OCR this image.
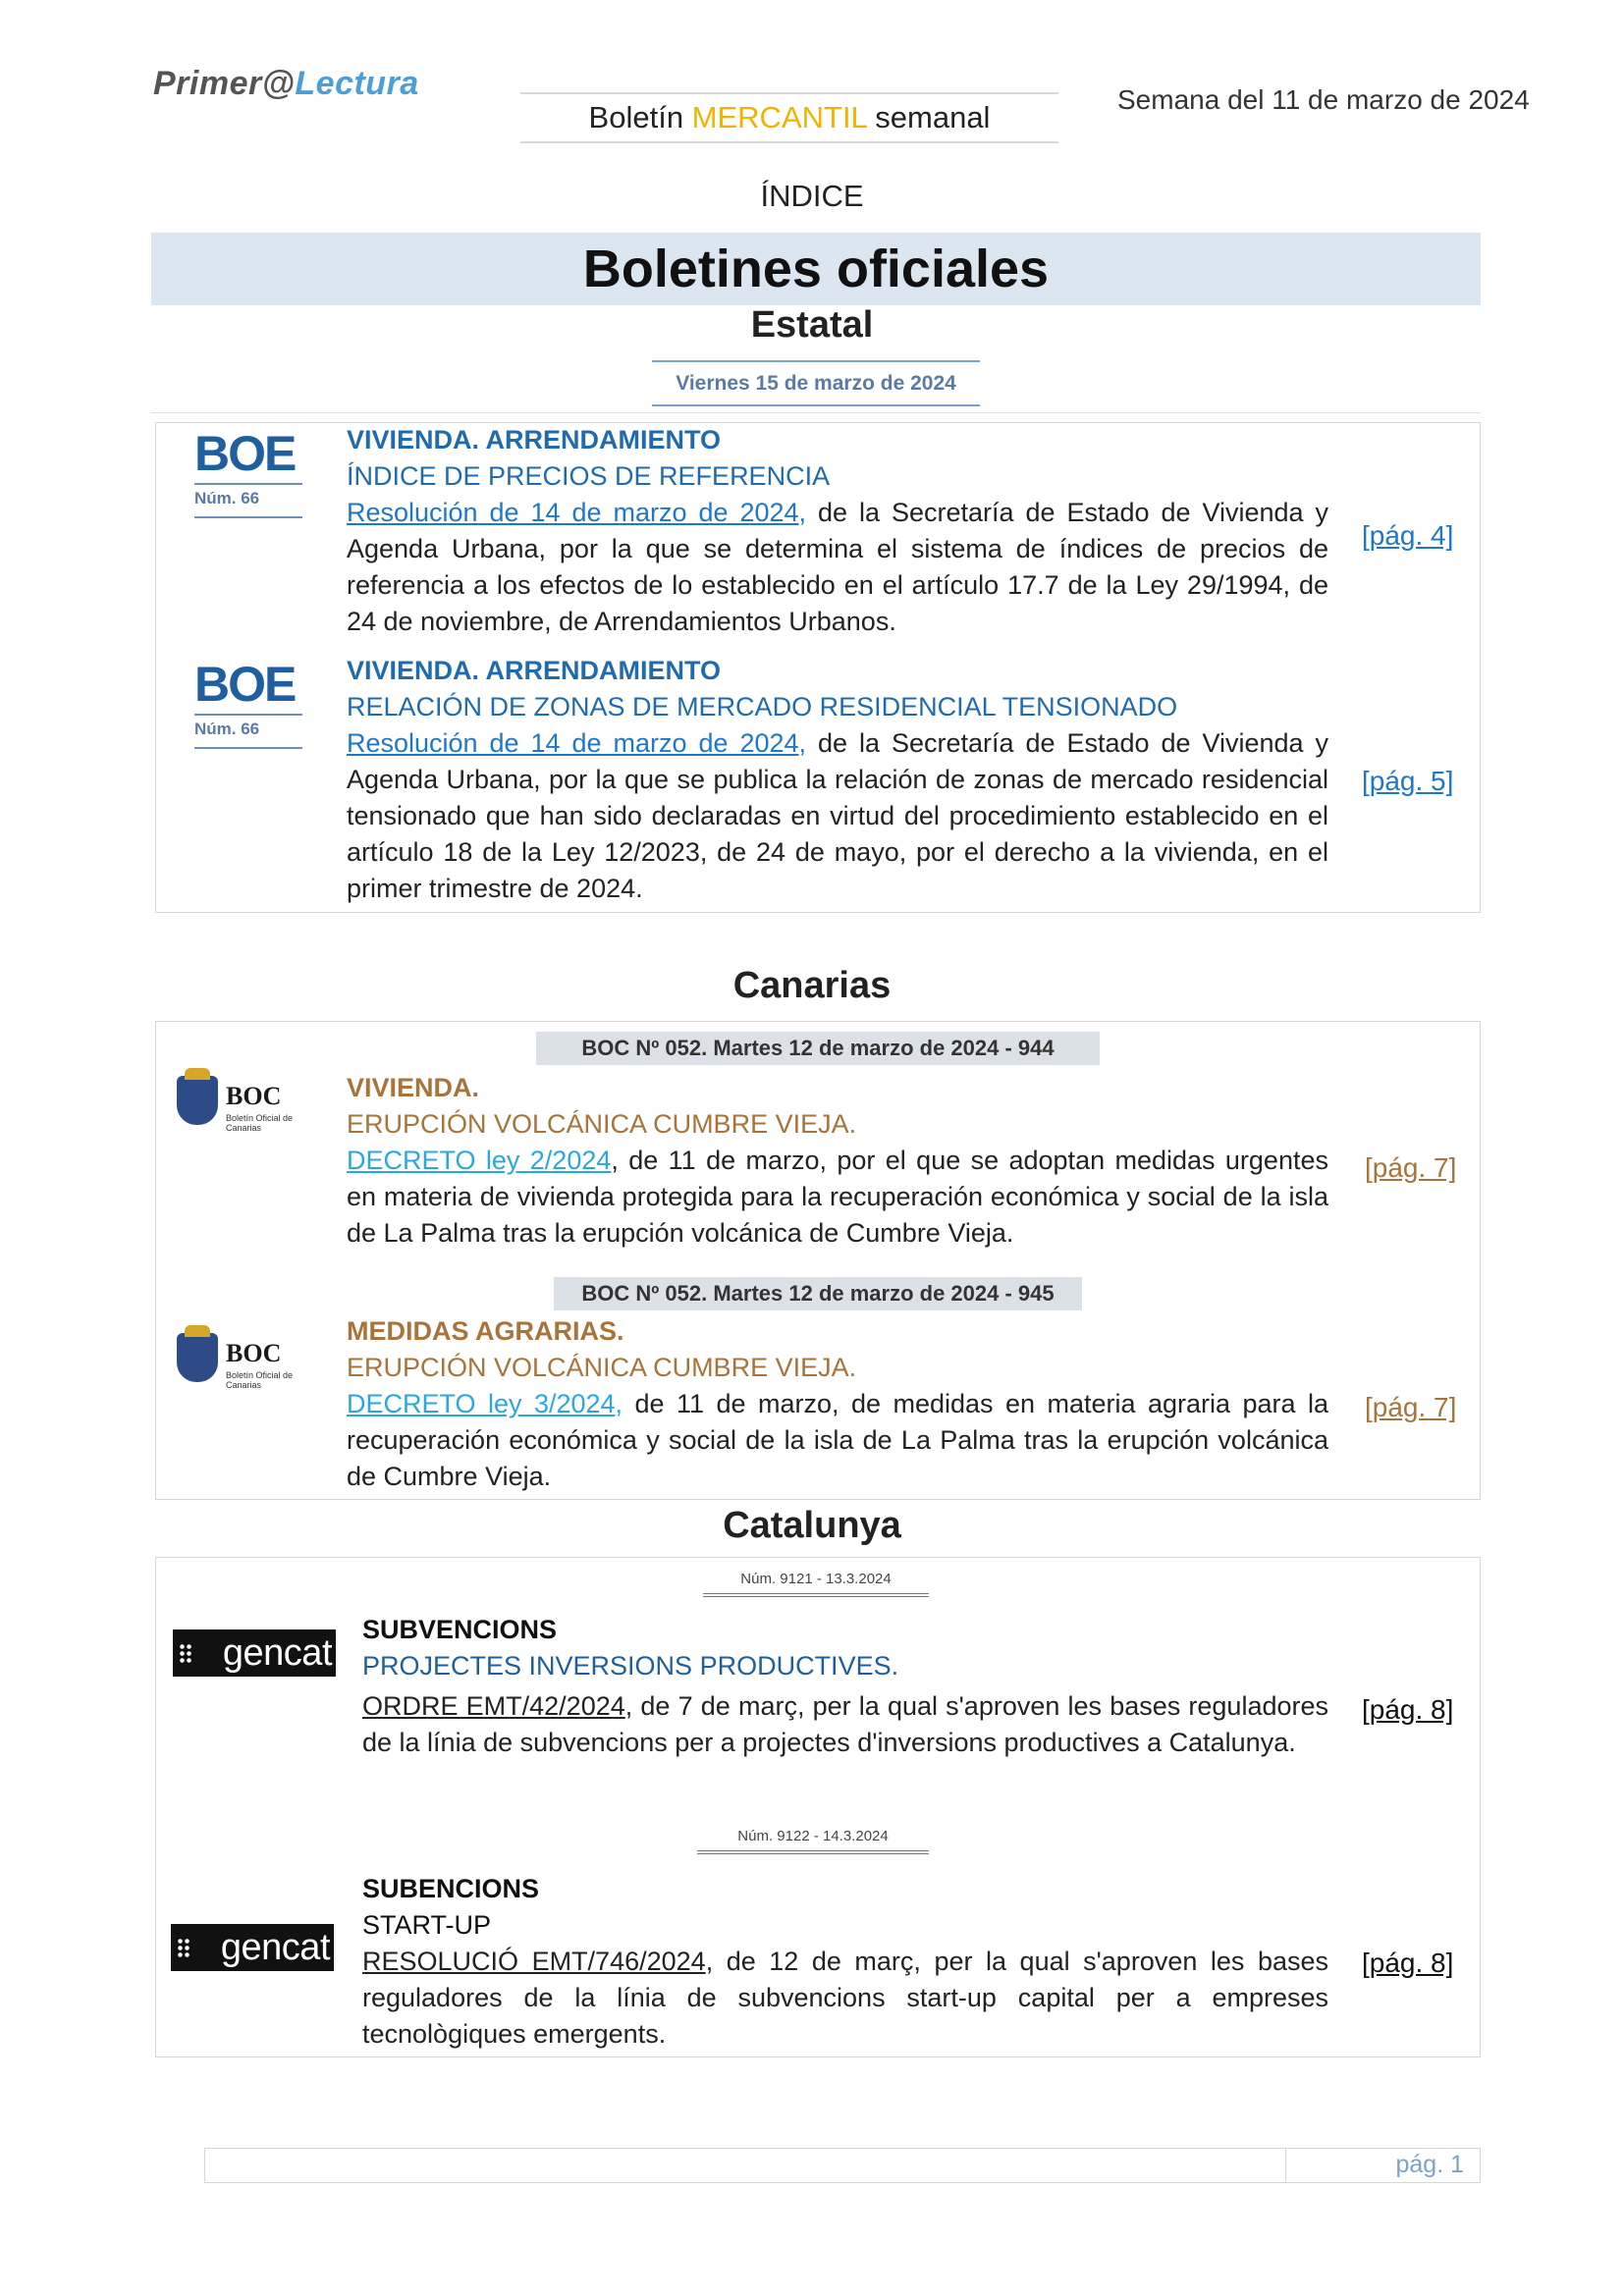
Primer@Lectura
Boletín MERCANTIL semanal
Semana del 11 de marzo de 2024
ÍNDICE
Boletines oficiales
Estatal
Viernes 15 de marzo de 2024
BOE
Núm. 66
VIVIENDA. ARRENDAMIENTO
ÍNDICE DE PRECIOS DE REFERENCIA
Resolución de 14 de marzo de 2024, de la Secretaría de Estado de Vivienda y Agenda Urbana, por la que se determina el sistema de índices de precios de referencia a los efectos de lo establecido en el artículo 17.7 de la Ley 29/1994, de 24 de noviembre, de Arrendamientos Urbanos.
[pág. 4]
BOE
Núm. 66
VIVIENDA. ARRENDAMIENTO
RELACIÓN DE ZONAS DE MERCADO RESIDENCIAL TENSIONADO
Resolución de 14 de marzo de 2024, de la Secretaría de Estado de Vivienda y Agenda Urbana, por la que se publica la relación de zonas de mercado residencial tensionado que han sido declaradas en virtud del procedimiento establecido en el artículo 18 de la Ley 12/2023, de 24 de mayo, por el derecho a la vivienda, en el primer trimestre de 2024.
[pág. 5]
Canarias
BOC Nº 052. Martes 12 de marzo de 2024 - 944
BOC
Boletín Oficial de Canarias
VIVIENDA.
ERUPCIÓN VOLCÁNICA CUMBRE VIEJA.
DECRETO ley 2/2024, de 11 de marzo, por el que se adoptan medidas urgentes en materia de vivienda protegida para la recuperación económica y social de la isla de La Palma tras la erupción volcánica de Cumbre Vieja.
[pág. 7]
BOC Nº 052. Martes 12 de marzo de 2024 - 945
BOC
Boletín Oficial de Canarias
MEDIDAS AGRARIAS.
ERUPCIÓN VOLCÁNICA CUMBRE VIEJA.
DECRETO ley 3/2024, de 11 de marzo, de medidas en materia agraria para la recuperación económica y social de la isla de La Palma tras la erupción volcánica de Cumbre Vieja.
[pág. 7]
Catalunya
Núm. 9121 - 13.3.2024
gencat
SUBVENCIONS
PROJECTES INVERSIONS PRODUCTIVES.
ORDRE EMT/42/2024, de 7 de març, per la qual s'aproven les bases reguladores de la línia de subvencions per a projectes d'inversions productives a Catalunya.
[pág. 8]
Núm. 9122 - 14.3.2024
gencat
SUBENCIONS
START-UP
RESOLUCIÓ EMT/746/2024, de 12 de març, per la qual s'aproven les bases reguladores de la línia de subvencions start-up capital per a empreses tecnològiques emergents.
[pág. 8]
pág. 1
